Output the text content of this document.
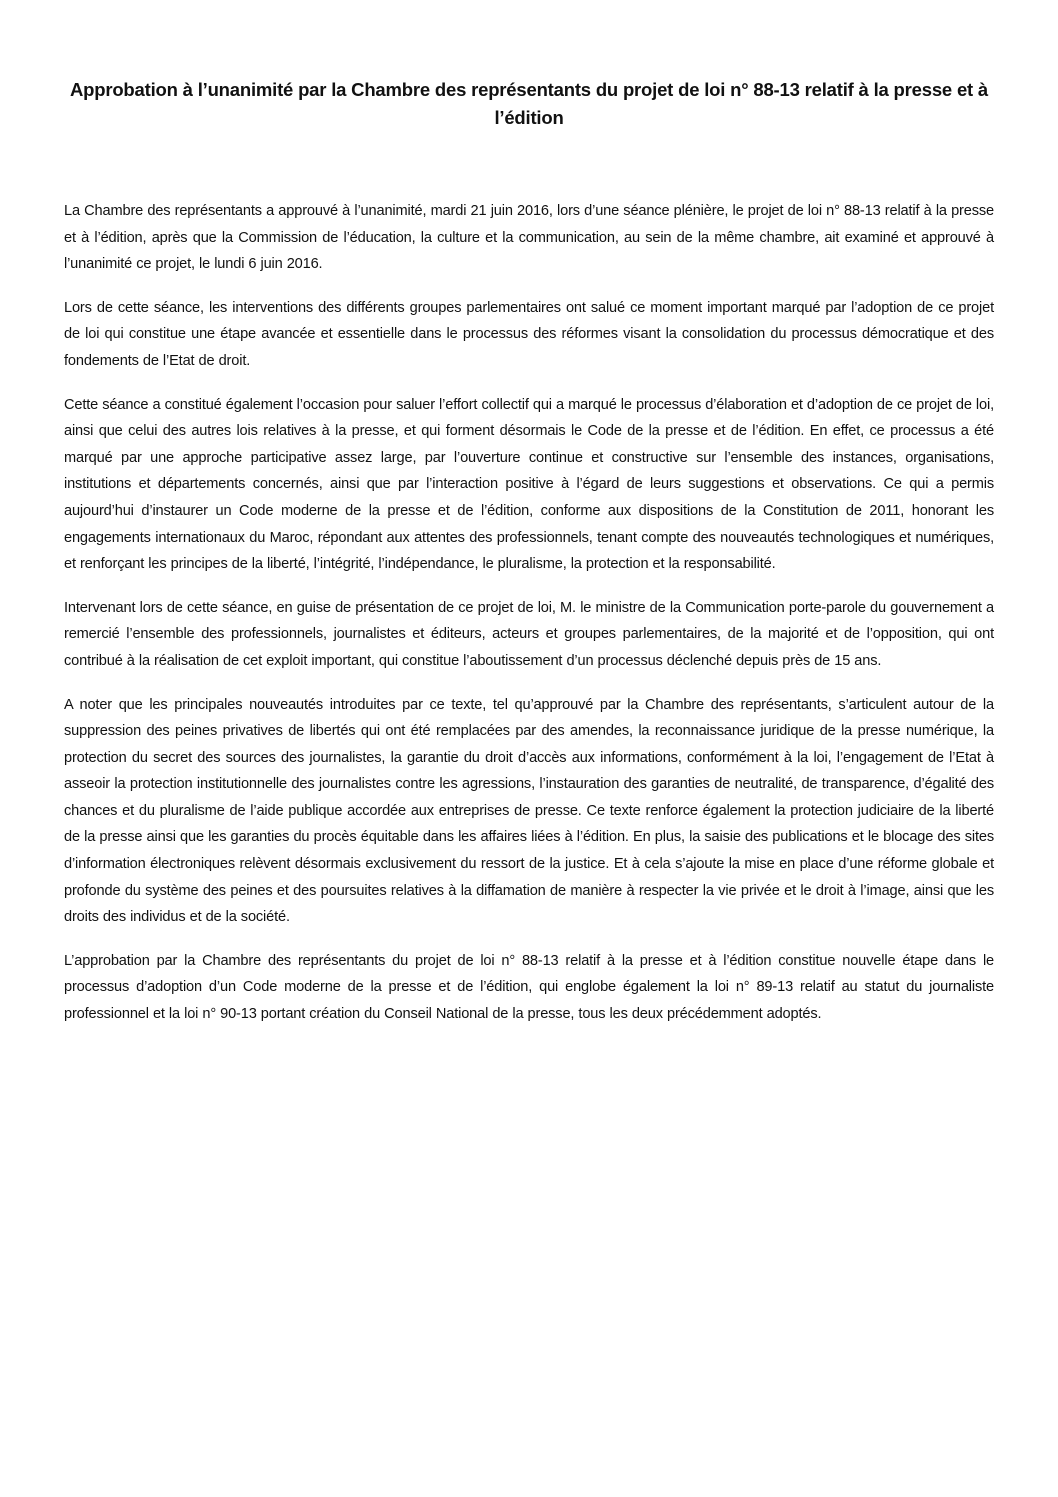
Approbation à l’unanimité par la Chambre des représentants du projet de loi n° 88-13 relatif à la presse et à l’édition

La Chambre des représentants a approuvé à l’unanimité, mardi 21 juin 2016, lors d’une séance plénière, le projet de loi n° 88-13 relatif à la presse et à l’édition, après que la Commission de l’éducation, la culture et la communication, au sein de la même chambre, ait examiné et approuvé à l’unanimité ce projet, le lundi 6 juin 2016.

Lors de cette séance, les interventions des différents groupes parlementaires ont salué ce moment important marqué par l’adoption de ce projet de loi qui constitue une étape avancée et essentielle dans le processus des réformes visant la consolidation du processus démocratique et des fondements de l’Etat de droit.

Cette séance a constitué également l’occasion pour saluer l’effort collectif qui a marqué le processus d’élaboration et d’adoption de ce projet de loi, ainsi que celui des autres lois relatives à la presse, et qui forment désormais le Code de la presse et de l’édition. En effet, ce processus a été marqué par une approche participative assez large, par l’ouverture continue et constructive sur l’ensemble des instances, organisations, institutions et départements concernés, ainsi que par l’interaction positive à l’égard de leurs suggestions et observations. Ce qui a permis aujourd’hui d’instaurer un Code moderne de la presse et de l’édition, conforme aux dispositions de la Constitution de 2011, honorant les engagements internationaux du Maroc, répondant aux attentes des professionnels, tenant compte des nouveautés technologiques et numériques, et renforçant les principes de la liberté, l’intégrité, l’indépendance, le pluralisme, la protection et la responsabilité.

Intervenant lors de cette séance, en guise de présentation de ce projet de loi, M. le ministre de la Communication porte-parole du gouvernement a remercié l’ensemble des professionnels, journalistes et éditeurs, acteurs et groupes parlementaires, de la majorité et de l’opposition, qui ont contribué à la réalisation de cet exploit important, qui constitue l’aboutissement d’un processus déclenché depuis près de 15 ans.

A noter que les principales nouveautés introduites par ce texte, tel qu’approuvé par la Chambre des représentants, s’articulent autour de la suppression des peines privatives de libertés qui ont été remplacées par des amendes, la reconnaissance juridique de la presse numérique, la protection du secret des sources des journalistes, la garantie du droit d’accès aux informations, conformément à la loi, l’engagement de l’Etat à asseoir la protection institutionnelle des journalistes contre les agressions, l’instauration des garanties de neutralité, de transparence, d’égalité des chances et du pluralisme de l’aide publique accordée aux entreprises de presse. Ce texte renforce également la protection judiciaire de la liberté de la presse ainsi que les garanties du procès équitable dans les affaires liées à l’édition. En plus, la saisie des publications et le blocage des sites d’information électroniques relèvent désormais exclusivement du ressort de la justice. Et à cela s’ajoute la mise en place d’une réforme globale et profonde du système des peines et des poursuites relatives à la diffamation de manière à respecter la vie privée et le droit à l’image, ainsi que les droits des individus et de la société.

L’approbation par la Chambre des représentants du projet de loi n° 88-13 relatif à la presse et à l’édition constitue nouvelle étape dans le processus d’adoption d’un Code moderne de la presse et de l’édition, qui englobe également la loi n° 89-13 relatif au statut du journaliste professionnel et la loi n° 90-13 portant création du Conseil National de la presse, tous les deux précédemment adoptés.
